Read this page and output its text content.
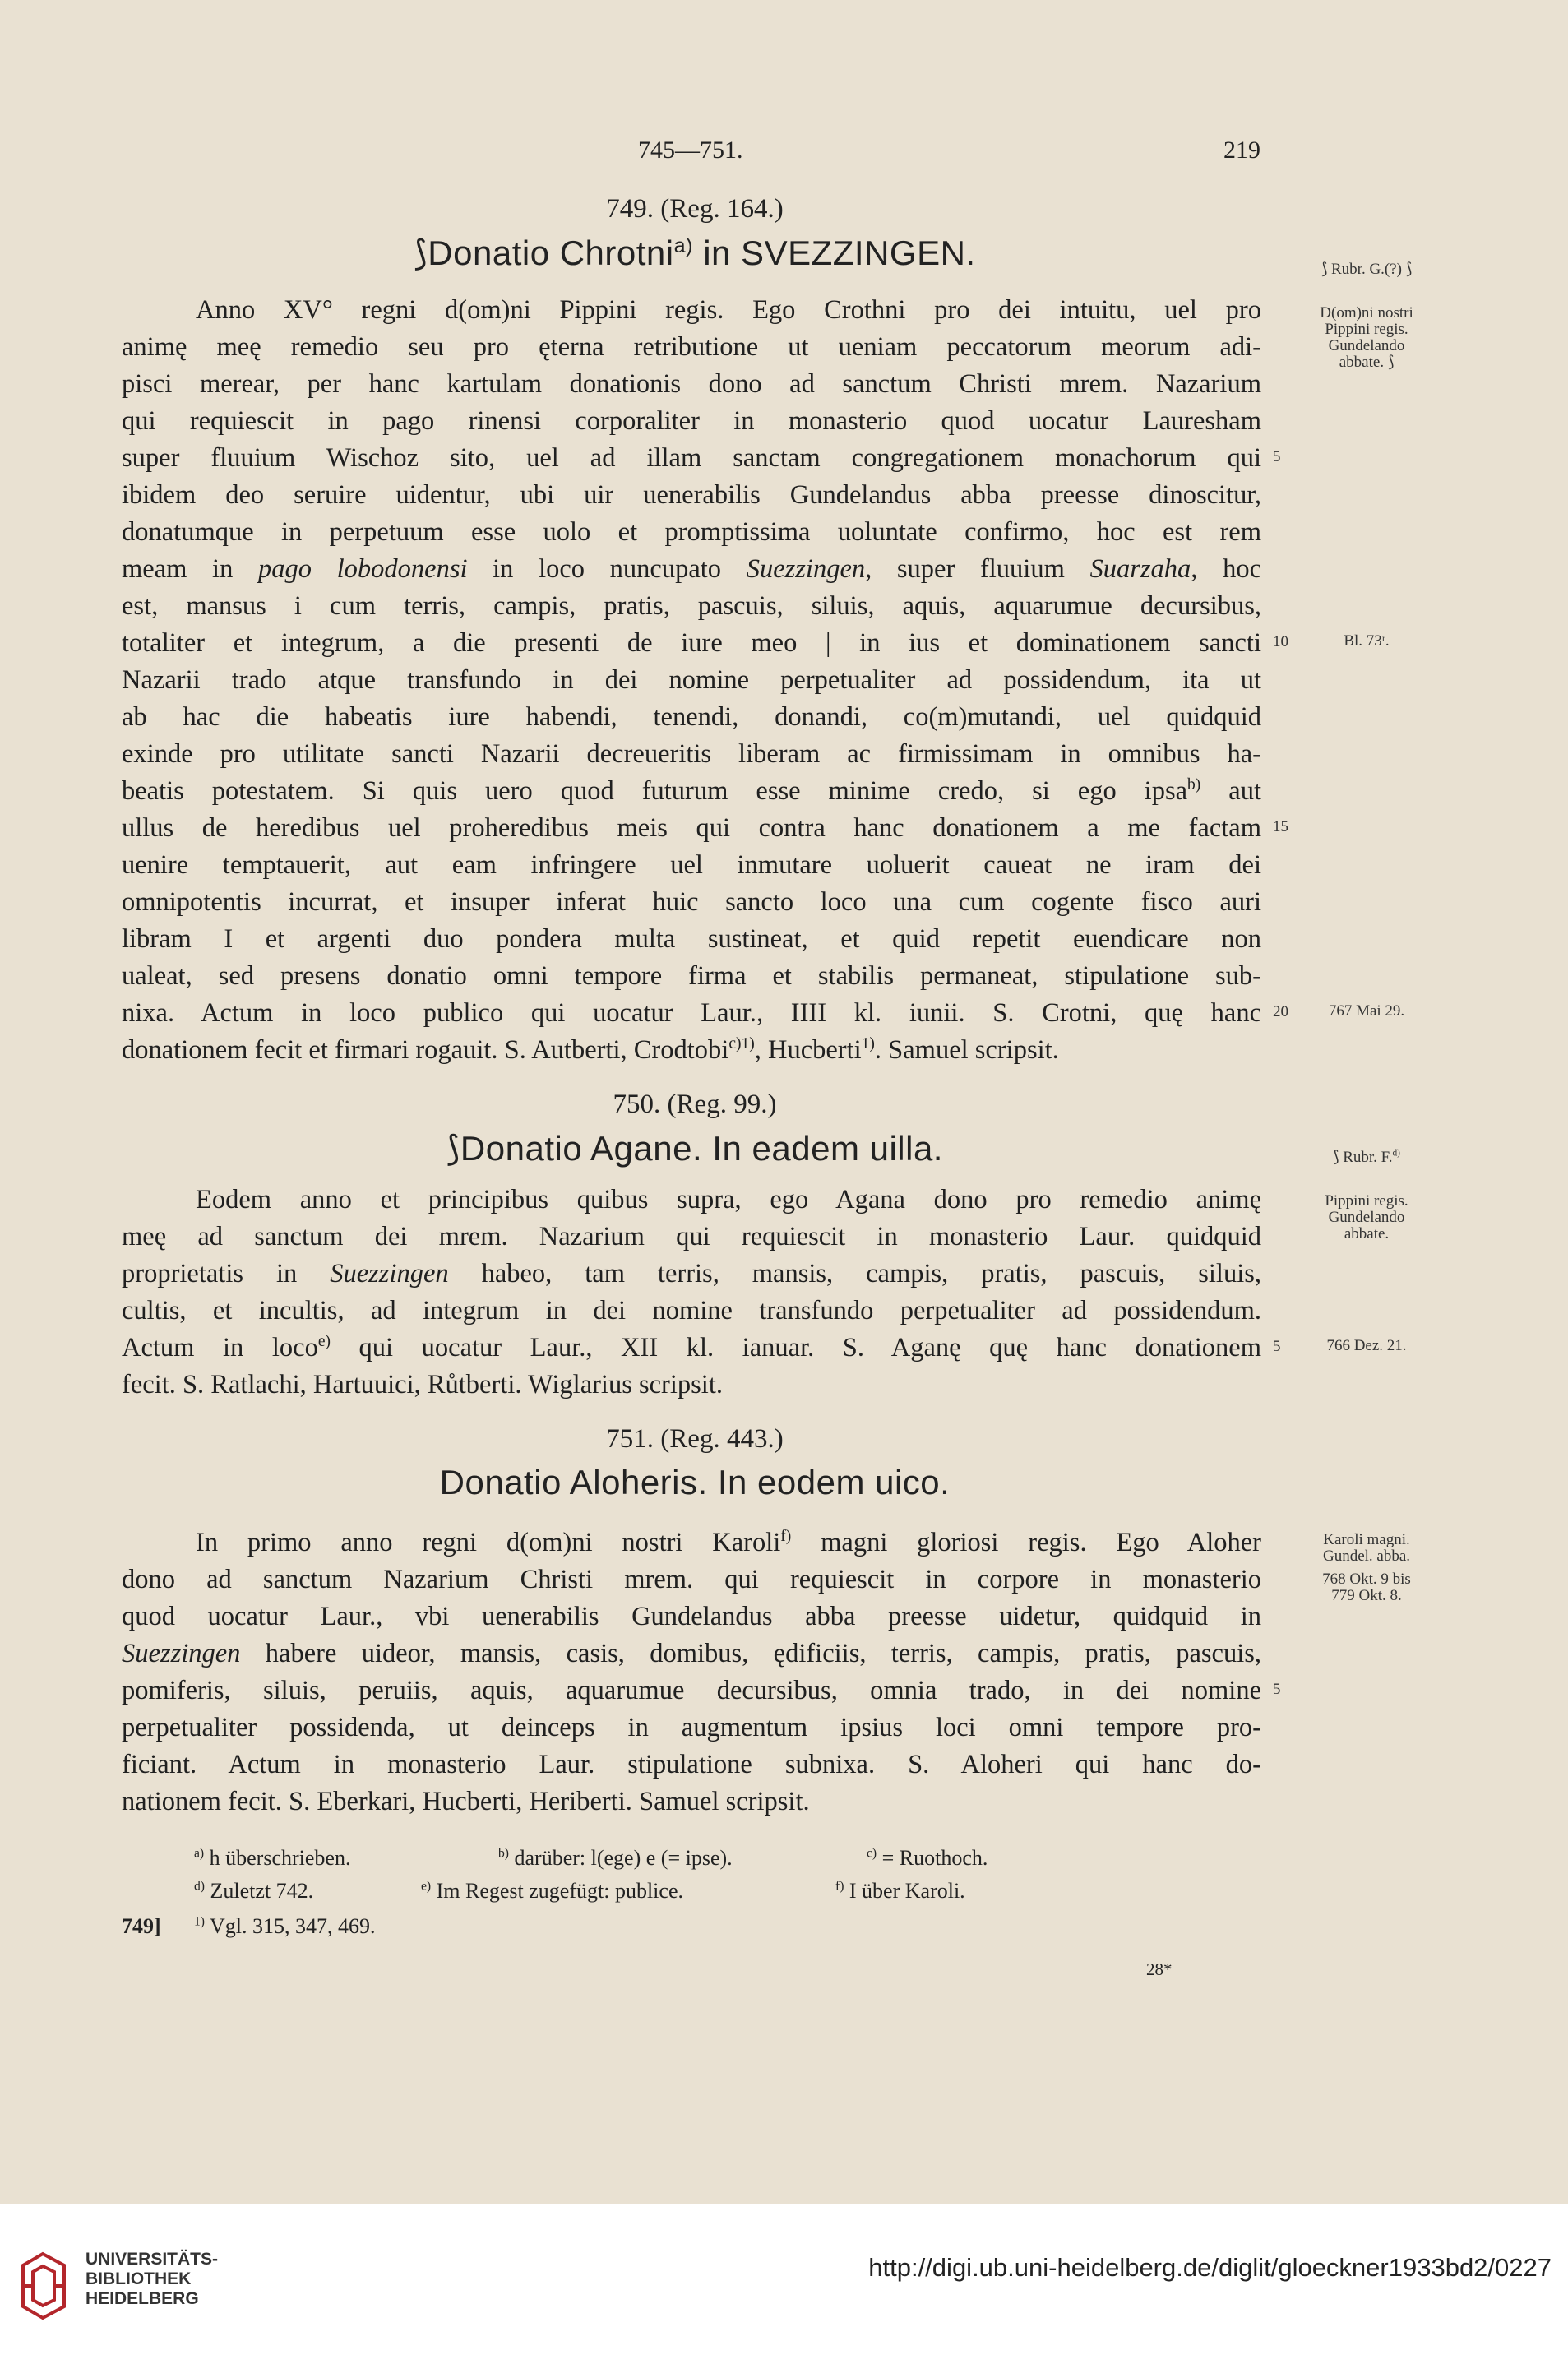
745—751.	219
749. (Reg. 164.)
⟆Donatio Chrotni$^{a)}$ in SVEZZINGEN.	⟆ Rubr. G.(?) ⟆
D(om)ni nostri
Pippini regis.
Gundelando
abbate. ⟆
Anno XV° regni d(om)ni Pippini regis. Ego Crothni pro dei intuitu, uel pro
animę meę remedio seu pro ęterna retributione ut ueniam peccatorum meorum adi-
pisci merear, per hanc kartulam donationis dono ad sanctum Christi mrem. Nazarium
qui requiescit in pago rinensi corporaliter in monasterio quod uocatur Lauresham
super fluuium Wischoz sito, uel ad illam sanctam congregationem monachorum qui 5
ibidem deo seruire uidentur, ubi uir uenerabilis Gundelandus abba preesse dinoscitur,
donatumque in perpetuum esse uolo et promptissima uoluntate confirmo, hoc est rem
meam in pago lobodonensi in loco nuncupato Suezzingen, super fluuium Suarzaha, hoc
est, mansus i cum terris, campis, pratis, pascuis, siluis, aquis, aquarumue decursibus,
totaliter et integrum, a die presenti de iure meo | in ius et dominationem sancti 10	Bl. 73ʳ.
Nazarii trado atque transfundo in dei nomine perpetualiter ad possidendum, ita ut
ab hac die habeatis iure habendi, tenendi, donandi, co(m)mutandi, uel quidquid
exinde pro utilitate sancti Nazarii decreueritis liberam ac firmissimam in omnibus ha-
beatis potestatem. Si quis uero quod futurum esse minime credo, si ego ipsa$^{b)}$ aut
ullus de heredibus uel proheredibus meis qui contra hanc donationem a me factam 15
uenire temptauerit, aut eam infringere uel inmutare uoluerit caueat ne iram dei
omnipotentis incurrat, et insuper inferat huic sancto loco una cum cogente fisco auri
libram I et argenti duo pondera multa sustineat, et quid repetit euendicare non
ualeat, sed presens donatio omni tempore firma et stabilis permaneat, stipulatione sub-
nixa. Actum in loco publico qui uocatur Laur., IIII kl. iunii. S. Crotni, quę hanc 20	767 Mai 29.
donationem fecit et firmari rogauit. S. Autberti, Crodtobi$^{c)1)}$, Hucberti$^{1)}$. Samuel scripsit.
750. (Reg. 99.)
⟆Donatio Agane. In eadem uilla.	⟆ Rubr. F.$^{d)}$
Pippini regis.
Gundelando
abbate.
Eodem anno et principibus quibus supra, ego Agana dono pro remedio animę
meę ad sanctum dei mrem. Nazarium qui requiescit in monasterio Laur. quidquid
proprietatis in Suezzingen habeo, tam terris, mansis, campis, pratis, pascuis, siluis,
cultis, et incultis, ad integrum in dei nomine transfundo perpetualiter ad possidendum.
Actum in loco$^{e)}$ qui uocatur Laur., XII kl. ianuar. S. Aganę quę hanc donationem 5	766 Dez. 21.
fecit. S. Ratlachi, Hartuuici, Růtberti. Wiglarius scripsit.
751. (Reg. 443.)
Donatio Aloheris. In eodem uico.
Karoli magni.
Gundel. abba.
768 Okt. 9 bis
779 Okt. 8.
In primo anno regni d(om)ni nostri Karoli$^{f)}$ magni gloriosi regis. Ego Aloher
dono ad sanctum Nazarium Christi mrem. qui requiescit in corpore in monasterio
quod uocatur Laur., vbi uenerabilis Gundelandus abba preesse uidetur, quidquid in
Suezzingen habere uideor, mansis, casis, domibus, ędificiis, terris, campis, pratis, pascuis,
pomiferis, siluis, peruiis, aquis, aquarumue decursibus, omnia trado, in dei nomine 5
perpetualiter possidenda, ut deinceps in augmentum ipsius loci omni tempore pro-
ficiant. Actum in monasterio Laur. stipulatione subnixa. S. Aloheri qui hanc do-
nationem fecit. S. Eberkari, Hucberti, Heriberti. Samuel scripsit.
$^{a)}$ h überschrieben.	$^{b)}$ darüber: l(ege) e (= ipse).	$^{c)}$ = Ruothoch.
$^{d)}$ Zuletzt 742.	$^{e)}$ Im Regest zugefügt: publice.	$^{f)}$ I über Karoli.
749]	$^{1)}$ Vgl. 315, 347, 469.
28*
UNIVERSITÄTS-
BIBLIOTHEK
HEIDELBERG
http://digi.ub.uni-heidelberg.de/diglit/gloeckner1933bd2/0227
